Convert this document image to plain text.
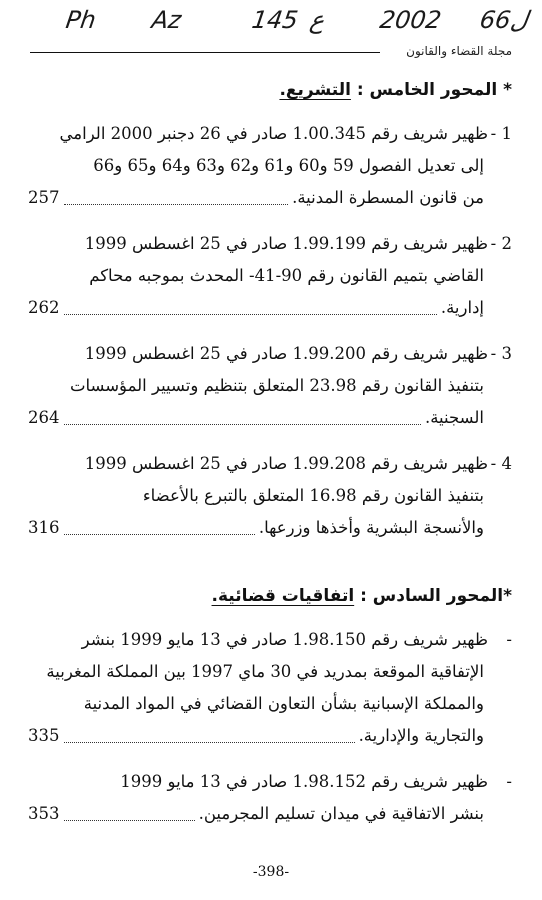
Ph Az	145 ع 2002 66ل
مجلة القضاء والقانون
* المحور الخامس : التشريع.
1 -ظهير شريف رقم 1.00.345 صادر في 26 دجنبر 2000 الرامي
إلى تعديل الفصول 59 و60 و61 و62 و63 و64 و65 و66
من قانون المسطرة المدنية.
257
2 -ظهير شريف رقم 1.99.199 صادر في 25 اغسطس 1999
القاضي بتميم القانون رقم 90-41- المحدث بموجبه محاكم
إدارية.
262
3 -ظهير شريف رقم 1.99.200 صادر في 25 اغسطس 1999
بتنفيذ القانون رقم 23.98 المتعلق بتنظيم وتسيير المؤسسات
السجنية.
264
4 -ظهير شريف رقم 1.99.208 صادر في 25 اغسطس 1999
بتنفيذ القانون رقم 16.98 المتعلق بالتبرع بالأعضاء
والأنسجة البشرية وأخذها وزرعها.
316
*المحور السادس : اتفاقيات قضائية.
-ظهير شريف رقم 1.98.150 صادر في 13 مايو 1999 بنشر
الإتفاقية الموقعة بمدريد في 30 ماي 1997 بين المملكة المغربية
والمملكة الإسبانية بشأن التعاون القضائي في المواد المدنية
والتجارية والإدارية.
335
-ظهير شريف رقم 1.98.152 صادر في 13 مايو 1999
بنشر الاتفاقية في ميدان تسليم المجرمين.
353
-398-
